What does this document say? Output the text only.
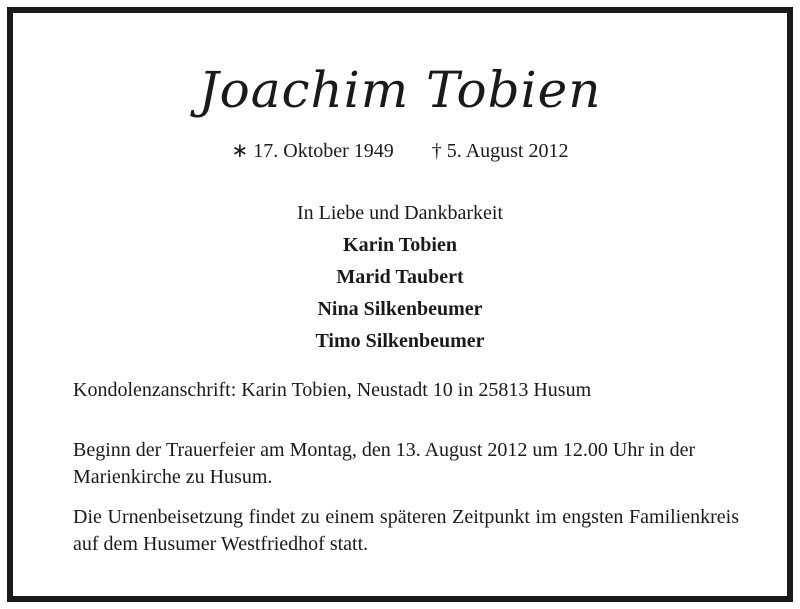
Joachim Tobien
∗ 17. Oktober 1949 † 5. August 2012
In Liebe und Dankbarkeit
Karin Tobien
Marid Taubert
Nina Silkenbeumer
Timo Silkenbeumer
Kondolenzanschrift: Karin Tobien, Neustadt 10 in 25813 Husum
Beginn der Trauerfeier am Montag, den 13. August 2012 um 12.00 Uhr in der Marienkirche zu Husum.
Die Urnenbeisetzung findet zu einem späteren Zeitpunkt im engsten Familienkreis auf dem Husumer Westfriedhof statt.
